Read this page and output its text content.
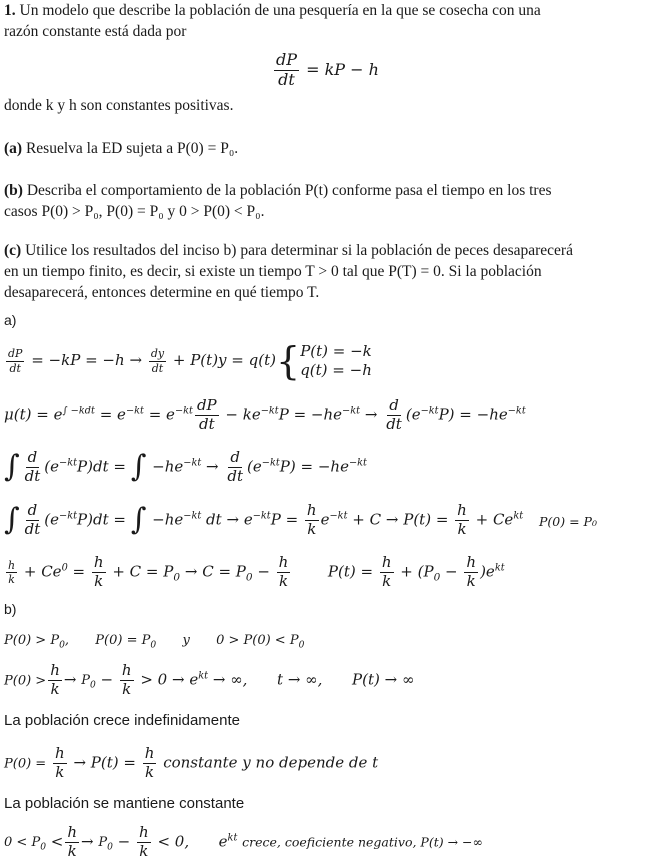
1. Un modelo que describe la población de una pesquería en la que se cosecha con una

razón constante está dada por

$\frac{dP}{dt}$ = kP − h

donde k y h son constantes positivas.

(a) Resuelva la ED sujeta a P(0) = P₀.

(b) Describa el comportamiento de la población P(t) conforme pasa el tiempo en los tres

casos P(0) > P₀, P(0) = P₀ y 0 > P(0) < P₀.

(c) Utilice los resultados del inciso b) para determinar si la población de peces desaparecerá

en un tiempo finito, es decir, si existe un tiempo T > 0 tal que P(T) = 0. Si la población

desaparecerá, entonces determine en qué tiempo T.

a)
$\frac{dP}{dt} = -kP = -h \to \frac{dy}{dt} + P(t)y = q(t)${ P(t) = −k
q(t) = −h
$\mu(t) = e^{\int -kdt} = e^{-kt} = e^{-kt} \frac{dP}{dt} - ke^{-kt}P = -he^{-kt} \to \frac{d}{dt} (e^{-kt}P) = -he^{-kt}$
∫ $\frac{d}{dt} (e^{-kt}P)dt$ = ∫ $-he^{-kt} \to \frac{d}{dt} (e^{-kt}P) = -he^{-kt}$
∫ $\frac{d}{dt} (e^{-kt}P)dt$ = ∫ $-he^{-kt}$ dt → $e^{-kt}P = \frac{h}{k} e^{-kt} + C \to P(t) = \frac{h}{k} + Ce^{kt}$ P(0) = P₀
$\frac{h}{k} + Ce^0 = \frac{h}{k} + C = P_0 \to C = P_0 - \frac{h}{k}$	$P(t) = \frac{h}{k} + (P_0 - \frac{h}{k} )e^{kt}$
b)
$P(0) > P_0$,  $P(0) = P_0$ y  $0 > P(0) < P_0$
$P(0) > \frac{h}{k} \to P_0 - \frac{h}{k} > 0 \to e^{kt}$ → ∞,  t → ∞,  P(t) → ∞
La población crece indefinidamente
$P(0) = \frac{h}{k} \to P(t) = \frac{h}{k}$ constante y no depende de t
La población se mantiene constante
$0 < P_0 < \frac{h}{k} \to P_0 - \frac{h}{k} < 0$,  $e^{kt}$ crece, coeficiente negativo, P(t) → −∞
